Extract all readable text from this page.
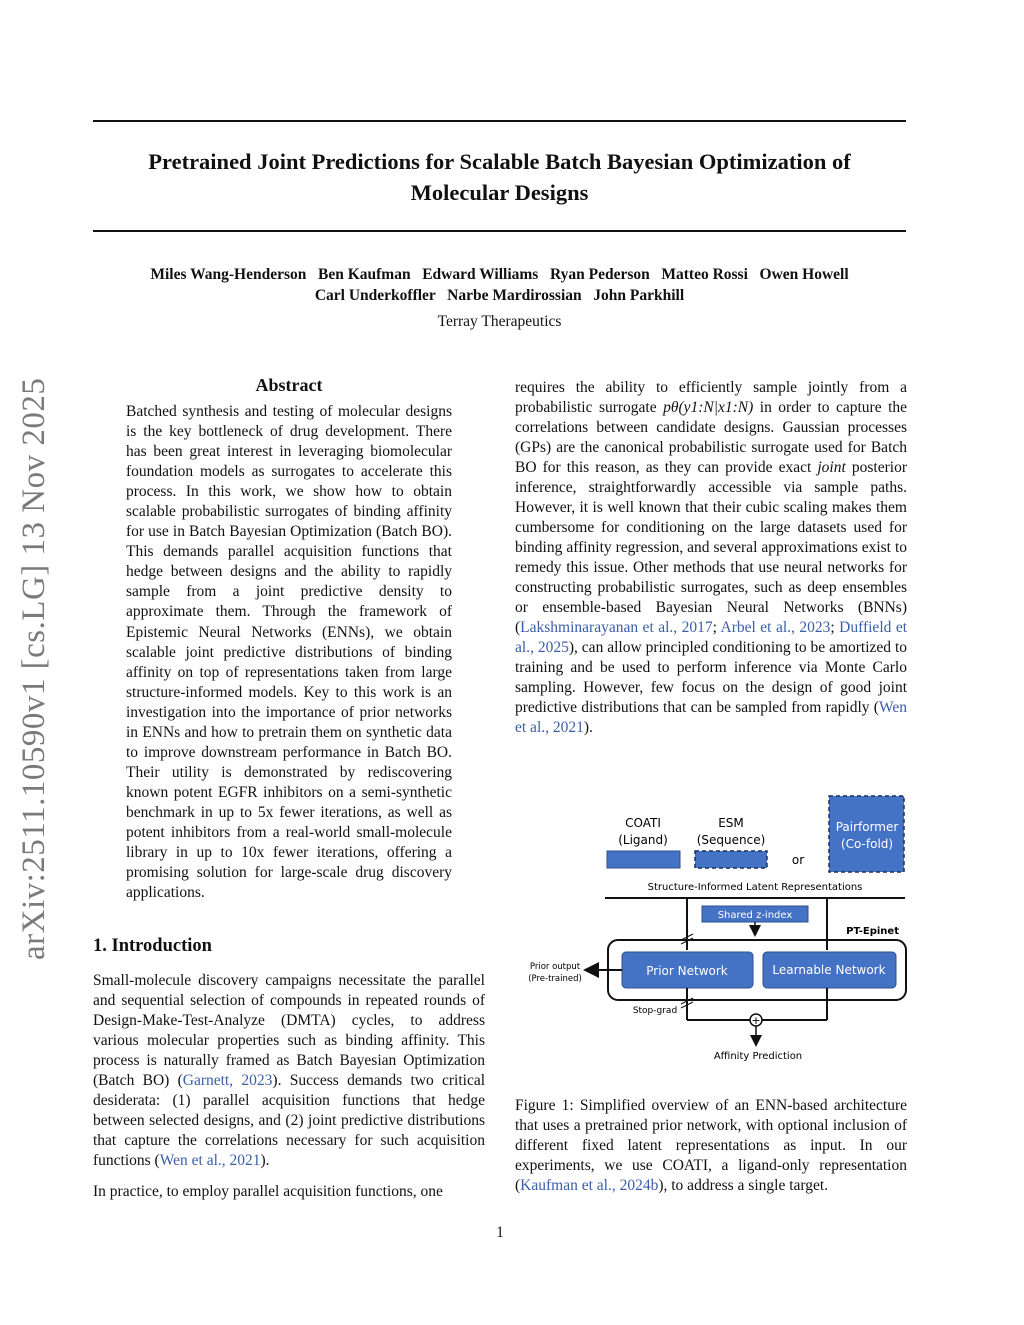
arXiv:2511.10590v1 [cs.LG] 13 Nov 2025
Pretrained Joint Predictions for Scalable Batch Bayesian Optimization of
Molecular Designs
Miles Wang-Henderson   Ben Kaufman   Edward Williams   Ryan Pederson   Matteo Rossi   Owen Howell
Carl Underkoffler   Narbe Mardirossian   John Parkhill
Terray Therapeutics
Abstract
Batched synthesis and testing of molecular designs is the key bottleneck of drug development. There has been great interest in leveraging biomolecular foundation models as surrogates to accelerate this process. In this work, we show how to obtain scalable probabilistic surrogates of binding affinity for use in Batch Bayesian Optimization (Batch BO). This demands parallel acquisition functions that hedge between designs and the ability to rapidly sample from a joint predictive density to approximate them. Through the framework of Epistemic Neural Networks (ENNs), we obtain scalable joint predictive distributions of binding affinity on top of representations taken from large structure-informed models. Key to this work is an investigation into the importance of prior networks in ENNs and how to pretrain them on synthetic data to improve downstream performance in Batch BO. Their utility is demonstrated by rediscovering known potent EGFR inhibitors on a semi-synthetic benchmark in up to 5x fewer iterations, as well as potent inhibitors from a real-world small-molecule library in up to 10x fewer iterations, offering a promising solution for large-scale drug discovery applications.
1. Introduction

Small-molecule discovery campaigns necessitate the parallel and sequential selection of compounds in repeated rounds of Design-Make-Test-Analyze (DMTA) cycles, to address various molecular properties such as binding affinity. This process is naturally framed as Batch Bayesian Optimization (Batch BO) (Garnett, 2023). Success demands two critical desiderata: (1) parallel acquisition functions that hedge between selected designs, and (2) joint predictive distributions that capture the correlations necessary for such acquisition functions (Wen et al., 2021).

In practice, to employ parallel acquisition functions, one

requires the ability to efficiently sample jointly from a probabilistic surrogate pθ(y1:N|x1:N) in order to capture the correlations between candidate designs. Gaussian processes (GPs) are the canonical probabilistic surrogate used for Batch BO for this reason, as they can provide exact joint posterior inference, straightforwardly accessible via sample paths. However, it is well known that their cubic scaling makes them cumbersome for conditioning on the large datasets used for binding affinity regression, and several approximations exist to remedy this issue. Other methods that use neural networks for constructing probabilistic surrogates, such as deep ensembles or ensemble-based Bayesian Neural Networks (BNNs) (Lakshminarayanan et al., 2017; Arbel et al., 2023; Duffield et al., 2025), can allow principled conditioning to be amortized to training and be used to perform inference via Monte Carlo sampling. However, few focus on the design of good joint predictive distributions that can be sampled from rapidly (Wen et al., 2021).
COATI
(Ligand)
ESM
(Sequence)
or
Pairformer
(Co-fold)
Structure-Informed Latent Representations
Shared z-index
PT-Epinet
Prior Network	Learnable Network
Prior output
(Pre-trained)
Stop-grad
+
Affinity Prediction
Figure 1: Simplified overview of an ENN-based architecture that uses a pretrained prior network, with optional inclusion of different fixed latent representations as input. In our experiments, we use COATI, a ligand-only representation (Kaufman et al., 2024b), to address a single target.
1
